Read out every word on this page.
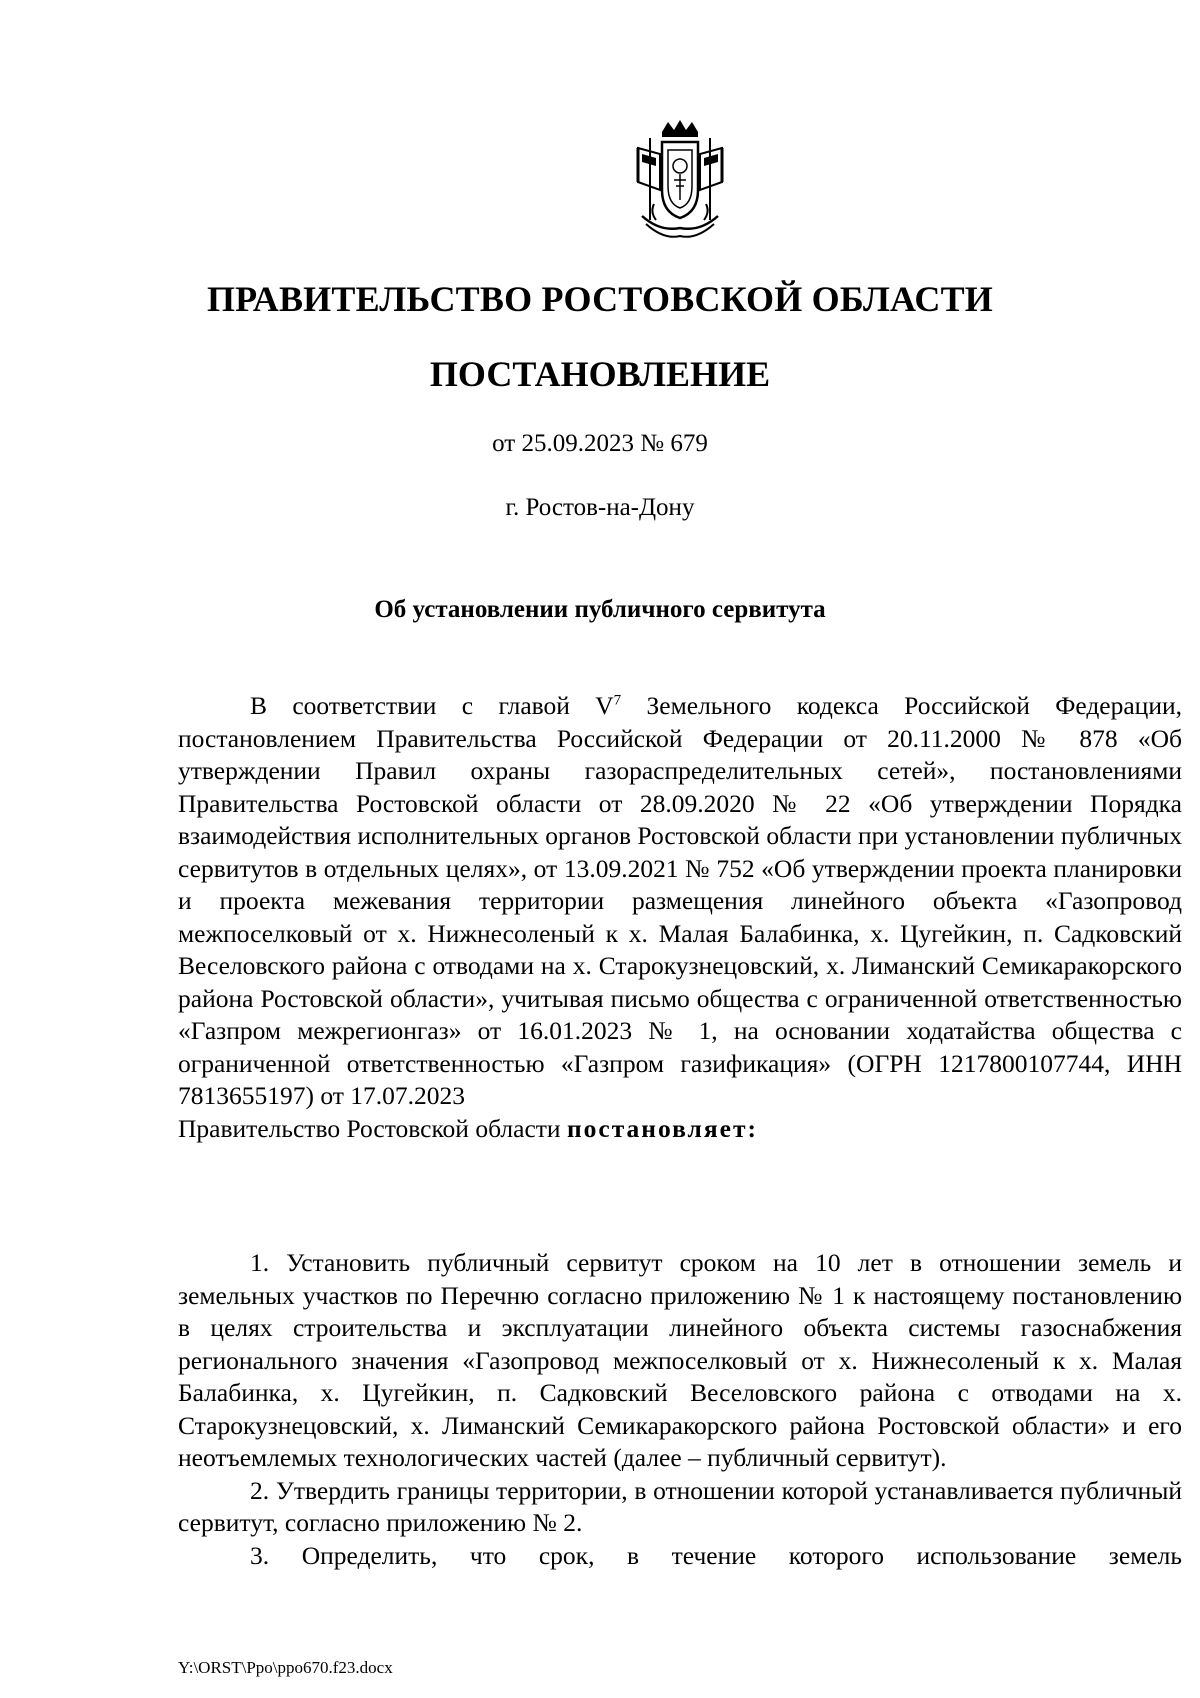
ПРАВИТЕЛЬСТВО РОСТОВСКОЙ ОБЛАСТИ
ПОСТАНОВЛЕНИЕ
от 25.09.2023 № 679
г. Ростов-на-Дону
Об установлении публичного сервитута

В соответствии с главой $V^7$ Земельного кодекса Российской Федерации, постановлением Правительства Российской Федерации от 20.11.2000 № 878 «Об утверждении Правил охраны газораспределительных сетей», постановлениями Правительства Ростовской области от 28.09.2020 № 22 «Об утверждении Порядка взаимодействия исполнительных органов Ростовской области при установлении публичных сервитутов в отдельных целях», от 13.09.2021 № 752 «Об утверждении проекта планировки и проекта межевания территории размещения линейного объекта «Газопровод межпоселковый от х. Нижнесоленый к х. Малая Балабинка, х. Цугейкин, п. Садковский Веселовского района с отводами на х. Старокузнецовский, х. Лиманский Семикаракорского района Ростовской области», учитывая письмо общества с ограниченной ответственностью «Газпром межрегионгаз» от 16.01.2023 № 1, на основании ходатайства общества с ограниченной ответственностью «Газпром газификация» (ОГРН 1217800107744, ИНН 7813655197) от 17.07.2023

Правительство Ростовской области постановляет:

1. Установить публичный сервитут сроком на 10 лет в отношении земель и земельных участков по Перечню согласно приложению № 1 к настоящему постановлению в целях строительства и эксплуатации линейного объекта системы газоснабжения регионального значения «Газопровод межпоселковый от х. Нижнесоленый к х. Малая Балабинка, х. Цугейкин, п. Садковский Веселовского района с отводами на х. Старокузнецовский, х. Лиманский Семикаракорского района Ростовской области» и его неотъемлемых технологических частей (далее – публичный сервитут).

2. Утвердить границы территории, в отношении которой устанавливается публичный сервитут, согласно приложению № 2.

3. Определить, что срок, в течение которого использование земель

Y:\ORST\Ppo\ppo670.f23.docx
